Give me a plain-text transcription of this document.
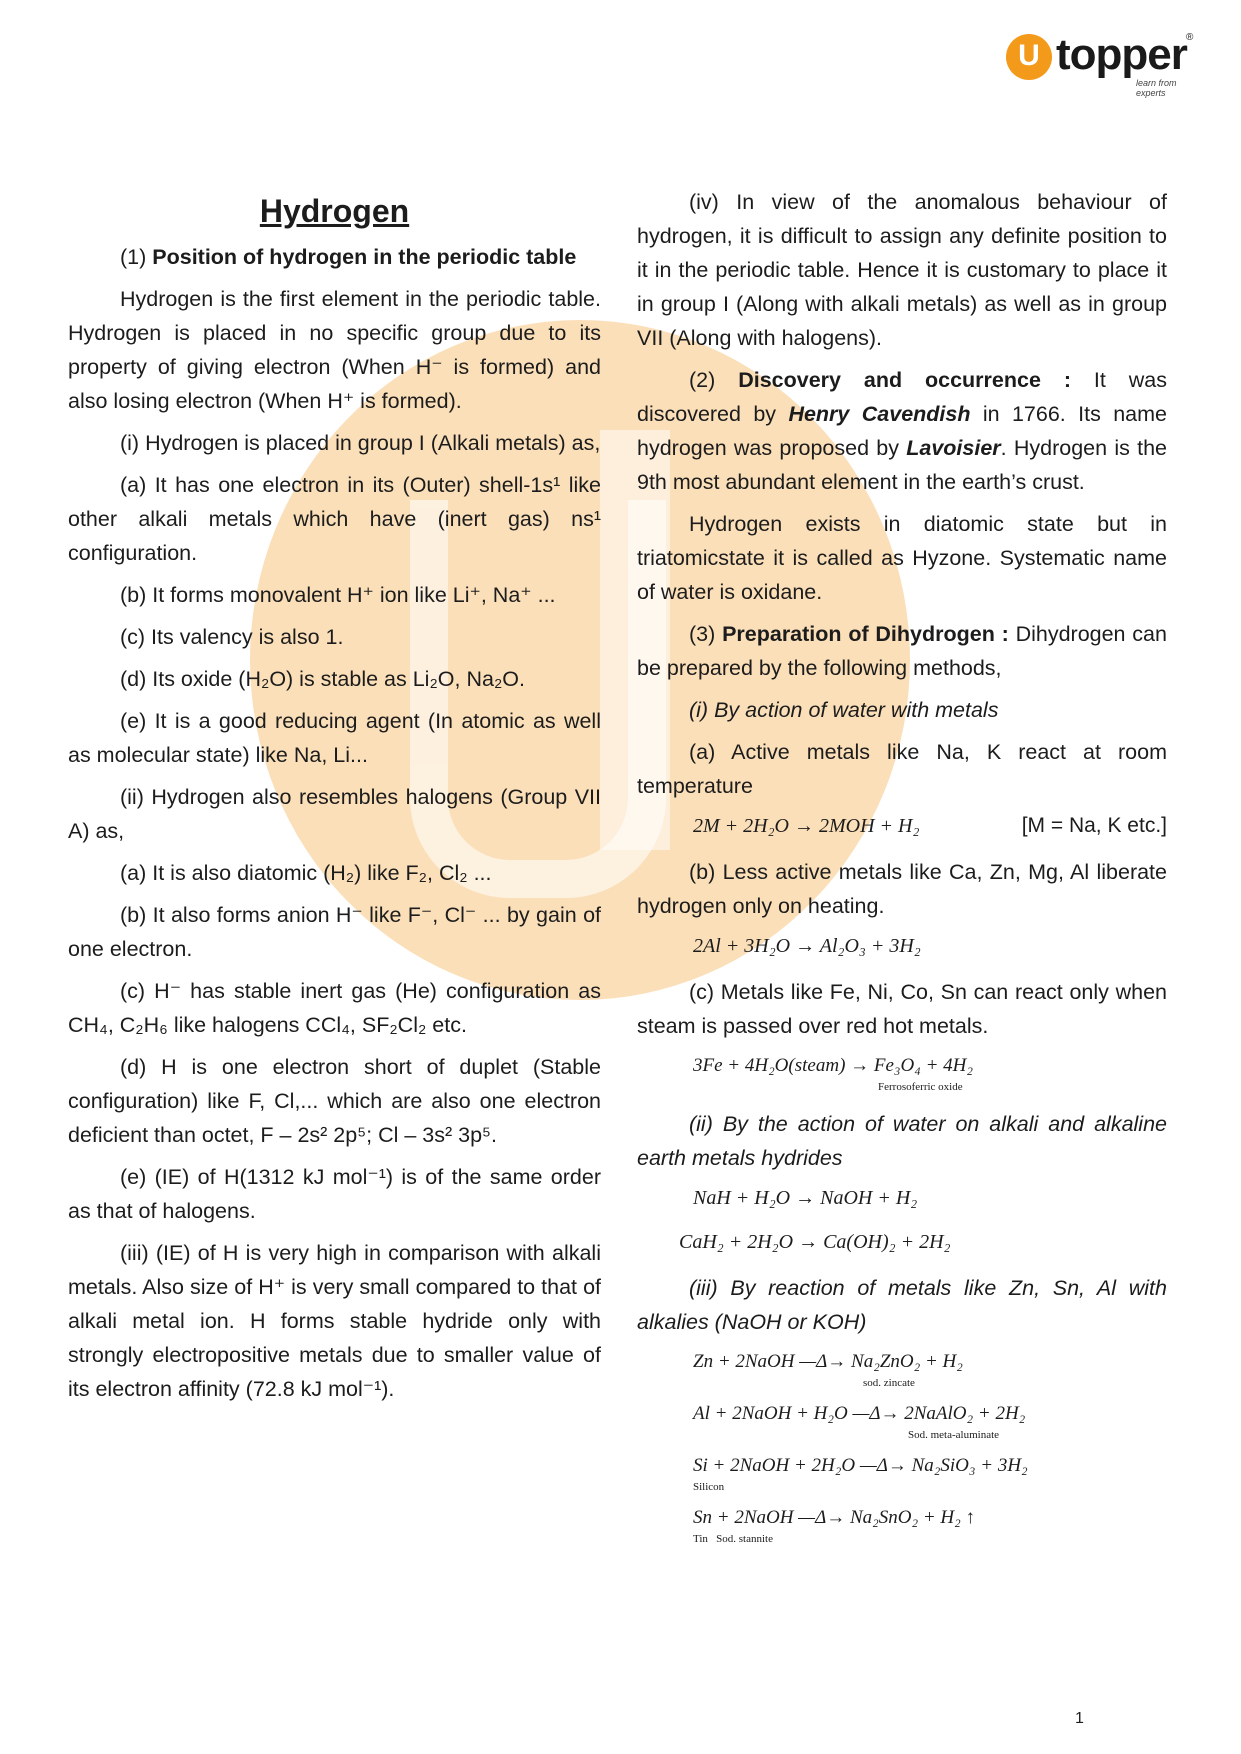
U topper ®
learn from experts
Hydrogen

(1) Position of hydrogen in the periodic table

Hydrogen is the first element in the periodic table. Hydrogen is placed in no specific group due to its property of giving electron (When H⁻ is formed) and also losing electron (When H⁺ is formed).

(i) Hydrogen is placed in group I (Alkali metals) as,

(a) It has one electron in its (Outer) shell-1s¹ like other alkali metals which have (inert gas) ns¹ configuration.

(b) It forms monovalent H⁺ ion like Li⁺, Na⁺ ...

(c) Its valency is also 1.

(d) Its oxide (H₂O) is stable as Li₂O, Na₂O.

(e) It is a good reducing agent (In atomic as well as molecular state) like Na, Li...

(ii) Hydrogen also resembles halogens (Group VII A) as,

(a) It is also diatomic (H₂) like F₂, Cl₂ ...

(b) It also forms anion H⁻ like F⁻, Cl⁻ ... by gain of one electron.

(c) H⁻ has stable inert gas (He) configuration as CH₄, C₂H₆ like halogens CCl₄, SF₂Cl₂ etc.

(d) H is one electron short of duplet (Stable configuration) like F, Cl,... which are also one electron deficient than octet, F – 2s² 2p⁵; Cl – 3s² 3p⁵.

(e) (IE) of H(1312 kJ mol⁻¹) is of the same order as that of halogens.

(iii) (IE) of H is very high in comparison with alkali metals. Also size of H⁺ is very small compared to that of alkali metal ion. H forms stable hydride only with strongly electropositive metals due to smaller value of its electron affinity (72.8 kJ mol⁻¹).

(iv) In view of the anomalous behaviour of hydrogen, it is difficult to assign any definite position to it in the periodic table. Hence it is customary to place it in group I (Along with alkali metals) as well as in group VII (Along with halogens).

(2) Discovery and occurrence : It was discovered by Henry Cavendish in 1766. Its name hydrogen was proposed by Lavoisier. Hydrogen is the 9th most abundant element in the earth’s crust.

Hydrogen exists in diatomic state but in triatomicstate it is called as Hyzone. Systematic name of water is oxidane.

(3) Preparation of Dihydrogen : Dihydrogen can be prepared by the following methods,

(i) By action of water with metals

(a) Active metals like Na, K react at room temperature

2M + 2H₂O → 2MOH + H₂	[M = Na, K etc.]

(b) Less active metals like Ca, Zn, Mg, Al liberate hydrogen only on heating.

2Al + 3H₂O → Al₂O₃ + 3H₂

(c) Metals like Fe, Ni, Co, Sn can react only when steam is passed over red hot metals.

3Fe + 4H₂O(steam) → Fe₃O₄ + 4H₂
Ferrosoferric oxide

(ii) By the action of water on alkali and alkaline earth metals hydrides

NaH + H₂O → NaOH + H₂
CaH₂ + 2H₂O → Ca(OH)₂ + 2H₂

(iii) By reaction of metals like Zn, Sn, Al with alkalies (NaOH or KOH)

Zn + 2NaOH —Δ→ Na₂ZnO₂ + H₂
sod. zincate
Al + 2NaOH + H₂O —Δ→ 2NaAlO₂ + 2H₂
Sod. meta-aluminate
Si + 2NaOH + 2H₂O —Δ→ Na₂SiO₃ + 3H₂
Silicon
Sn + 2NaOH —Δ→ Na₂SnO₂ + H₂ ↑
Tin   Sod. stannite
1
